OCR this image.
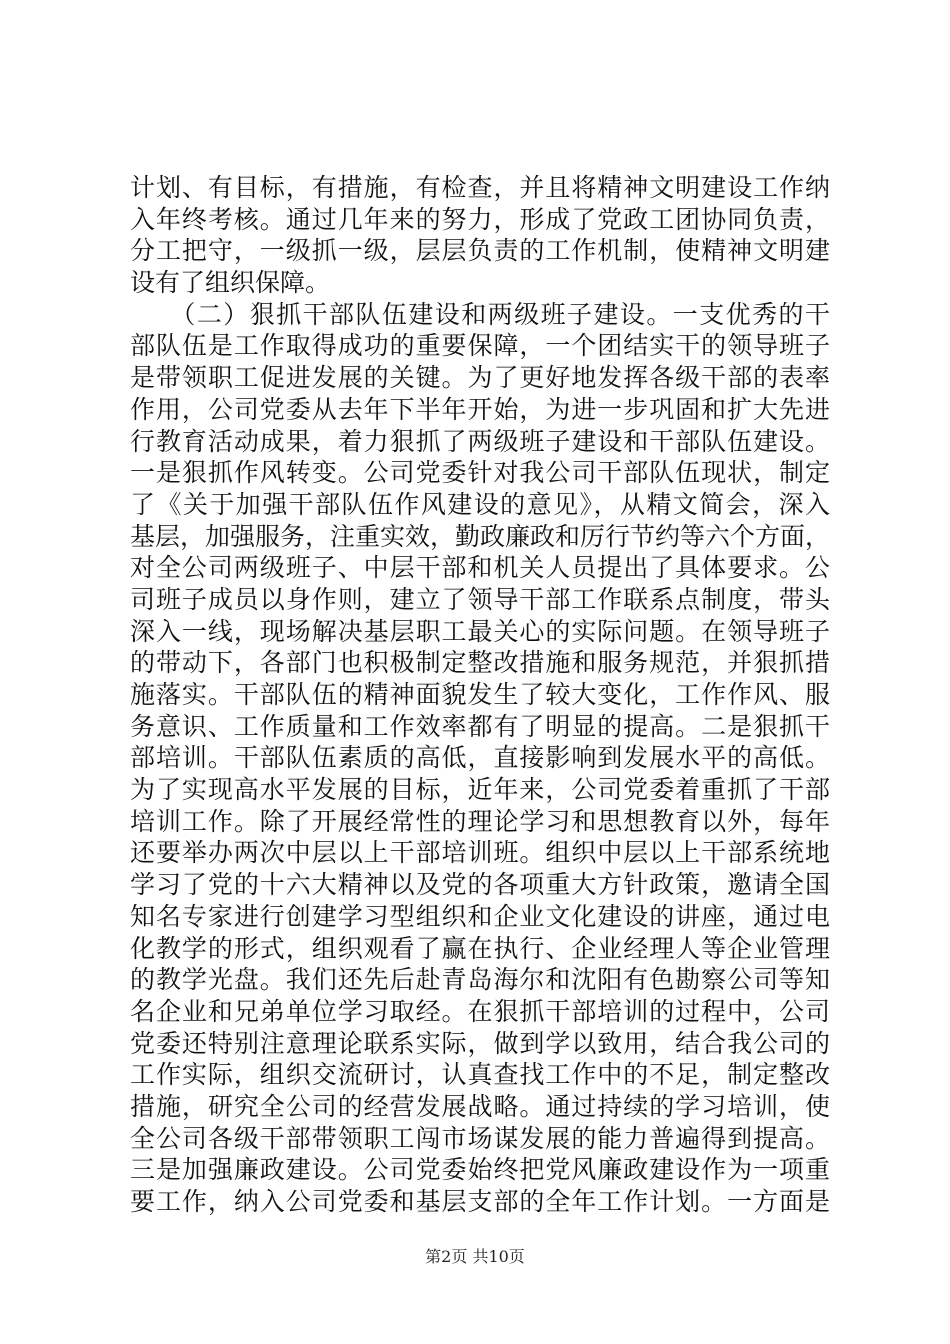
计划、有目标，有措施，有检查，并且将精神文明建设工作纳
入年终考核。通过几年来的努力，形成了党政工团协同负责，
分工把守，一级抓一级，层层负责的工作机制，使精神文明建
设有了组织保障。
　　（二）狠抓干部队伍建设和两级班子建设。一支优秀的干
部队伍是工作取得成功的重要保障，一个团结实干的领导班子
是带领职工促进发展的关键。为了更好地发挥各级干部的表率
作用，公司党委从去年下半年开始，为进一步巩固和扩大先进
行教育活动成果，着力狠抓了两级班子建设和干部队伍建设。
一是狠抓作风转变。公司党委针对我公司干部队伍现状，制定
了《关于加强干部队伍作风建设的意见》，从精文简会，深入
基层，加强服务，注重实效，勤政廉政和厉行节约等六个方面，
对全公司两级班子、中层干部和机关人员提出了具体要求。公
司班子成员以身作则，建立了领导干部工作联系点制度，带头
深入一线，现场解决基层职工最关心的实际问题。在领导班子
的带动下，各部门也积极制定整改措施和服务规范，并狠抓措
施落实。干部队伍的精神面貌发生了较大变化，工作作风、服
务意识、工作质量和工作效率都有了明显的提高。二是狠抓干
部培训。干部队伍素质的高低，直接影响到发展水平的高低。
为了实现高水平发展的目标，近年来，公司党委着重抓了干部
培训工作。除了开展经常性的理论学习和思想教育以外，每年
还要举办两次中层以上干部培训班。组织中层以上干部系统地
学习了党的十六大精神以及党的各项重大方针政策，邀请全国
知名专家进行创建学习型组织和企业文化建设的讲座，通过电
化教学的形式，组织观看了赢在执行、企业经理人等企业管理
的教学光盘。我们还先后赴青岛海尔和沈阳有色勘察公司等知
名企业和兄弟单位学习取经。在狠抓干部培训的过程中，公司
党委还特别注意理论联系实际，做到学以致用，结合我公司的
工作实际，组织交流研讨，认真查找工作中的不足，制定整改
措施，研究全公司的经营发展战略。通过持续的学习培训，使
全公司各级干部带领职工闯市场谋发展的能力普遍得到提高。
三是加强廉政建设。公司党委始终把党风廉政建设作为一项重
要工作，纳入公司党委和基层支部的全年工作计划。一方面是
第2页 共10页
